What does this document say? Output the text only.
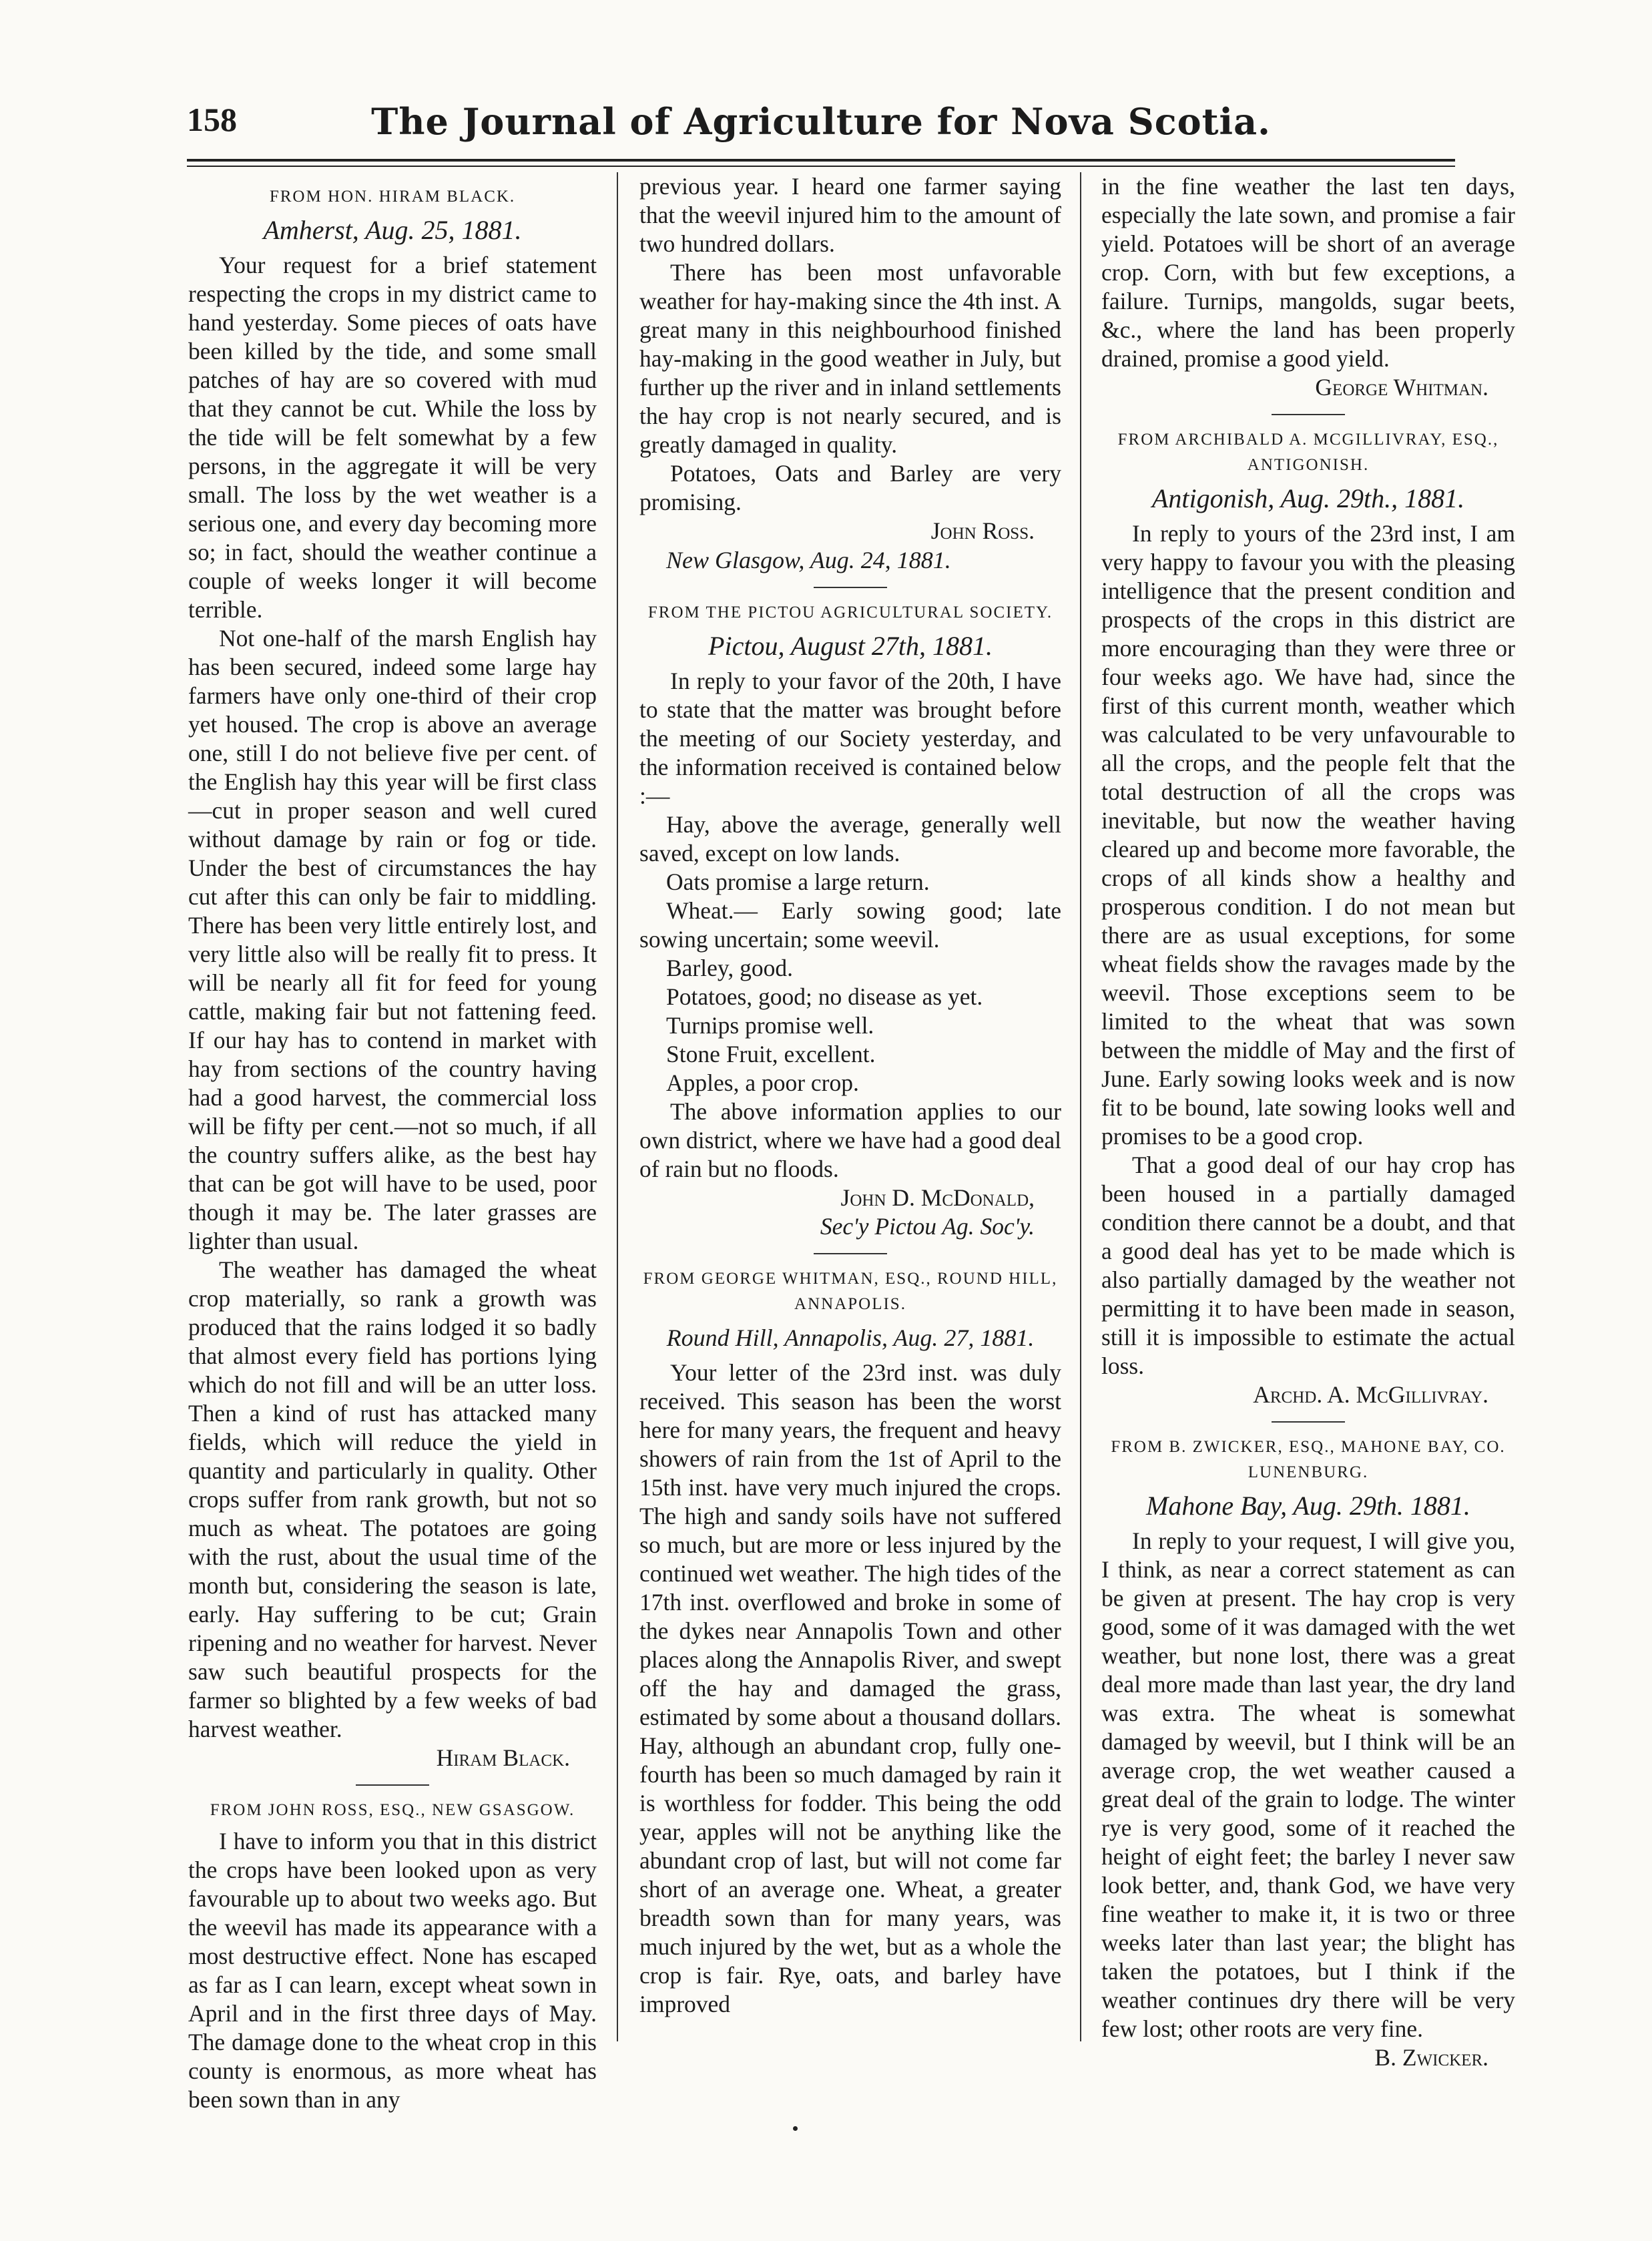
158	The Journal of Agriculture for Nova Scotia.
FROM HON. HIRAM BLACK.
Amherst, Aug. 25, 1881.

Your request for a brief statement respecting the crops in my district came to hand yesterday. Some pieces of oats have been killed by the tide, and some small patches of hay are so covered with mud that they cannot be cut. While the loss by the tide will be felt somewhat by a few persons, in the aggregate it will be very small. The loss by the wet weather is a serious one, and every day becoming more so; in fact, should the weather continue a couple of weeks longer it will become terrible.

Not one-half of the marsh English hay has been secured, indeed some large hay farmers have only one-third of their crop yet housed. The crop is above an average one, still I do not believe five per cent. of the English hay this year will be first class—cut in proper season and well cured without damage by rain or fog or tide. Under the best of circumstances the hay cut after this can only be fair to middling. There has been very little entirely lost, and very little also will be really fit to press. It will be nearly all fit for feed for young cattle, making fair but not fattening feed. If our hay has to contend in market with hay from sections of the country having had a good harvest, the commercial loss will be fifty per cent.—not so much, if all the country suffers alike, as the best hay that can be got will have to be used, poor though it may be. The later grasses are lighter than usual.

The weather has damaged the wheat crop materially, so rank a growth was produced that the rains lodged it so badly that almost every field has portions lying which do not fill and will be an utter loss. Then a kind of rust has attacked many fields, which will reduce the yield in quantity and particularly in quality. Other crops suffer from rank growth, but not so much as wheat. The potatoes are going with the rust, about the usual time of the month but, considering the season is late, early. Hay suffering to be cut; Grain ripening and no weather for harvest. Never saw such beautiful prospects for the farmer so blighted by a few weeks of bad harvest weather.

Hiram Black.
FROM JOHN ROSS, ESQ., NEW GSASGOW.

I have to inform you that in this district the crops have been looked upon as very favourable up to about two weeks ago. But the weevil has made its appearance with a most destructive effect. None has escaped as far as I can learn, except wheat sown in April and in the first three days of May. The damage done to the wheat crop in this county is enormous, as more wheat has been sown than in any

previous year. I heard one farmer saying that the weevil injured him to the amount of two hundred dollars.

There has been most unfavorable weather for hay-making since the 4th inst. A great many in this neighbourhood finished hay-making in the good weather in July, but further up the river and in inland settlements the hay crop is not nearly secured, and is greatly damaged in quality.

Potatoes, Oats and Barley are very promising.

John Ross.
New Glasgow, Aug. 24, 1881.
FROM THE PICTOU AGRICULTURAL SOCIETY.
Pictou, August 27th, 1881.

In reply to your favor of the 20th, I have to state that the matter was brought before the meeting of our Society yesterday, and the information received is contained below :—

Hay, above the average, generally well saved, except on low lands.

Oats promise a large return.

Wheat.— Early sowing good; late sowing uncertain; some weevil.

Barley, good.

Potatoes, good; no disease as yet.

Turnips promise well.

Stone Fruit, excellent.

Apples, a poor crop.

The above information applies to our own district, where we have had a good deal of rain but no floods.

John D. McDonald,
Sec'y Pictou Ag. Soc'y.
FROM GEORGE WHITMAN, ESQ., ROUND HILL, ANNAPOLIS.
Round Hill, Annapolis, Aug. 27, 1881.

Your letter of the 23rd inst. was duly received. This season has been the worst here for many years, the frequent and heavy showers of rain from the 1st of April to the 15th inst. have very much injured the crops. The high and sandy soils have not suffered so much, but are more or less injured by the continued wet weather. The high tides of the 17th inst. overflowed and broke in some of the dykes near Annapolis Town and other places along the Annapolis River, and swept off the hay and damaged the grass, estimated by some about a thousand dollars. Hay, although an abundant crop, fully one-fourth has been so much damaged by rain it is worthless for fodder. This being the odd year, apples will not be anything like the abundant crop of last, but will not come far short of an average one. Wheat, a greater breadth sown than for many years, was much injured by the wet, but as a whole the crop is fair. Rye, oats, and barley have improved

in the fine weather the last ten days, especially the late sown, and promise a fair yield. Potatoes will be short of an average crop. Corn, with but few exceptions, a failure. Turnips, mangolds, sugar beets, &c., where the land has been properly drained, promise a good yield.

George Whitman.
FROM ARCHIBALD A. MCGILLIVRAY, ESQ., ANTIGONISH.
Antigonish, Aug. 29th., 1881.

In reply to yours of the 23rd inst, I am very happy to favour you with the pleasing intelligence that the present condition and prospects of the crops in this district are more encouraging than they were three or four weeks ago. We have had, since the first of this current month, weather which was calculated to be very unfavourable to all the crops, and the people felt that the total destruction of all the crops was inevitable, but now the weather having cleared up and become more favorable, the crops of all kinds show a healthy and prosperous condition. I do not mean but there are as usual exceptions, for some wheat fields show the ravages made by the weevil. Those exceptions seem to be limited to the wheat that was sown between the middle of May and the first of June. Early sowing looks week and is now fit to be bound, late sowing looks well and promises to be a good crop.

That a good deal of our hay crop has been housed in a partially damaged condition there cannot be a doubt, and that a good deal has yet to be made which is also partially damaged by the weather not permitting it to have been made in season, still it is impossible to estimate the actual loss.

Archd. A. McGillivray.
FROM B. ZWICKER, ESQ., MAHONE BAY, CO. LUNENBURG.
Mahone Bay, Aug. 29th. 1881.

In reply to your request, I will give you, I think, as near a correct statement as can be given at present. The hay crop is very good, some of it was damaged with the wet weather, but none lost, there was a great deal more made than last year, the dry land was extra. The wheat is somewhat damaged by weevil, but I think will be an average crop, the wet weather caused a great deal of the grain to lodge. The winter rye is very good, some of it reached the height of eight feet; the barley I never saw look better, and, thank God, we have very fine weather to make it, it is two or three weeks later than last year; the blight has taken the potatoes, but I think if the weather continues dry there will be very few lost; other roots are very fine.

B. Zwicker.
